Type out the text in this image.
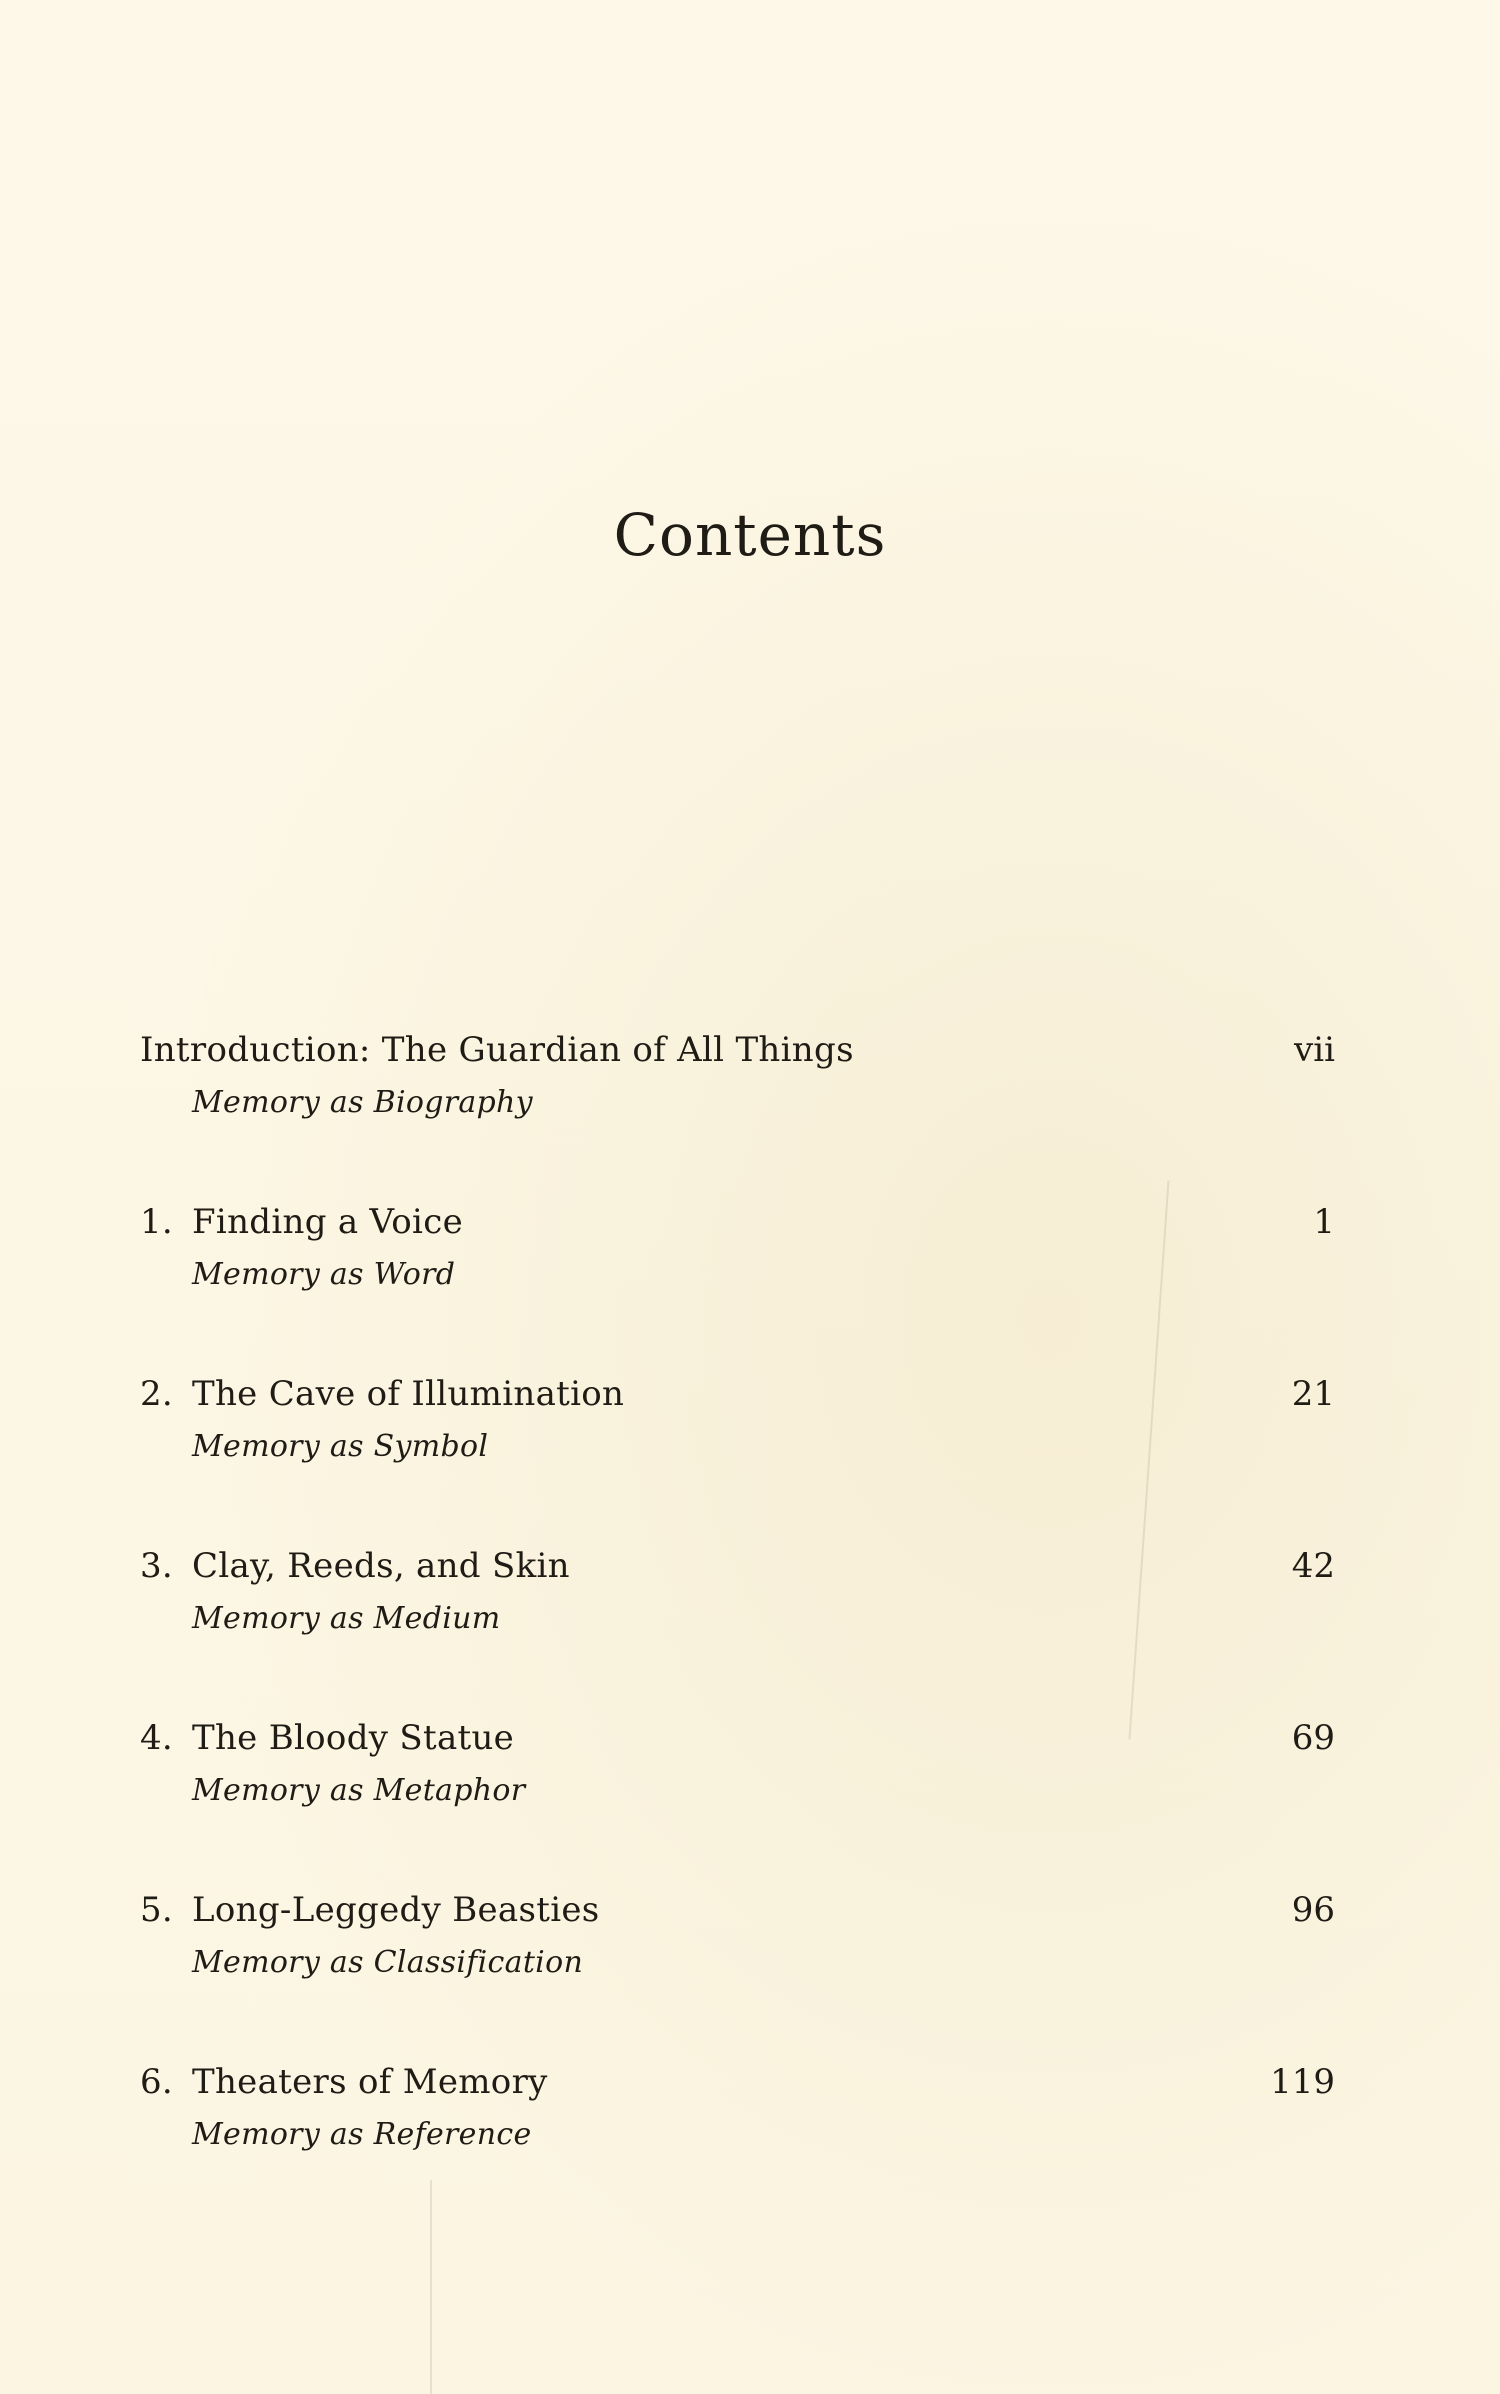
Contents
Introduction: The Guardian of All Things	vii
Memory as Biography
1. Finding a Voice	1
Memory as Word
2. The Cave of Illumination	21
Memory as Symbol
3. Clay, Reeds, and Skin	42
Memory as Medium
4. The Bloody Statue	69
Memory as Metaphor
5. Long-Leggedy Beasties	96
Memory as Classification
6. Theaters of Memory	119
Memory as Reference
